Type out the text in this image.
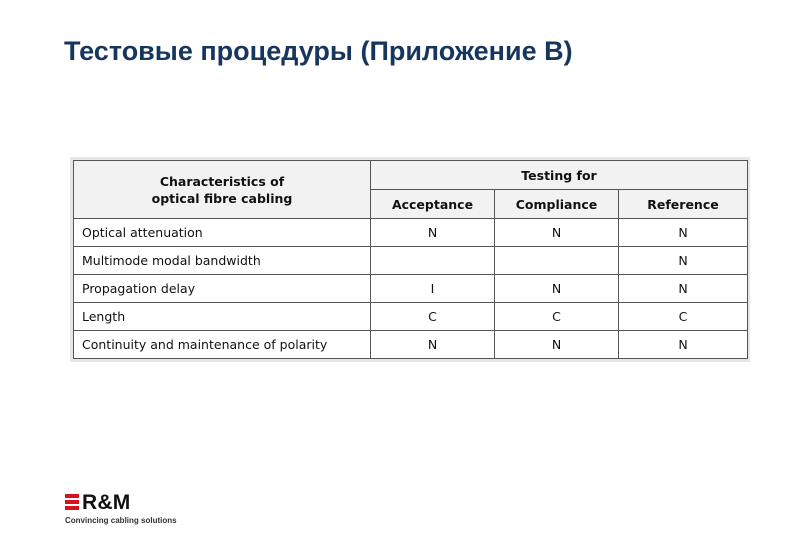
Тестовые процедуры (Приложение В)
Characteristics of
optical fibre cabling	Testing for		
	Acceptance	Compliance	Reference
Optical attenuation	N	N	N
Multimode modal bandwidth			N
Propagation delay	I	N	N
Length	C	C	C
Continuity and maintenance of polarity	N	N	N
R&M
Convincing cabling solutions
